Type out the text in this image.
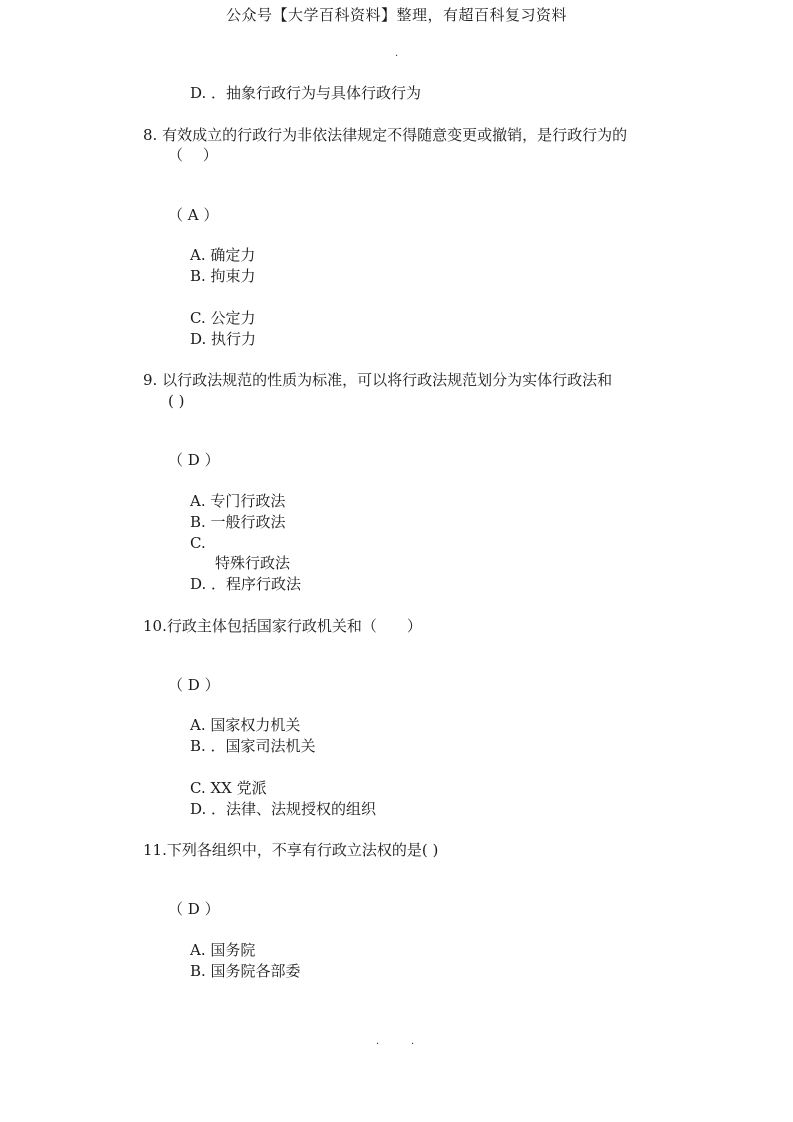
公众号【大学百科资料】整理，有超百科复习资料
·
D. ．抽象行政行为与具体行政行为
8. 有效成立的行政行为非依法律规定不得随意变更或撤销，是行政行为的
（　 ）
（ A ）
A. 确定力
B. 拘束力
C. 公定力
D. 执行力
9. 以行政法规范的性质为标准，可以将行政法规范划分为实体行政法和
( )
（ D ）
A. 专门行政法
B. 一般行政法
C.
特殊行政法
D. ．程序行政法
10.行政主体包括国家行政机关和（　　）
（ D ）
A. 国家权力机关
B. ．国家司法机关
C. XX 党派
D. ．法律、法规授权的组织
11.下列各组织中，不享有行政立法权的是( )
（ D ）
A. 国务院
B. 国务院各部委
·	·
